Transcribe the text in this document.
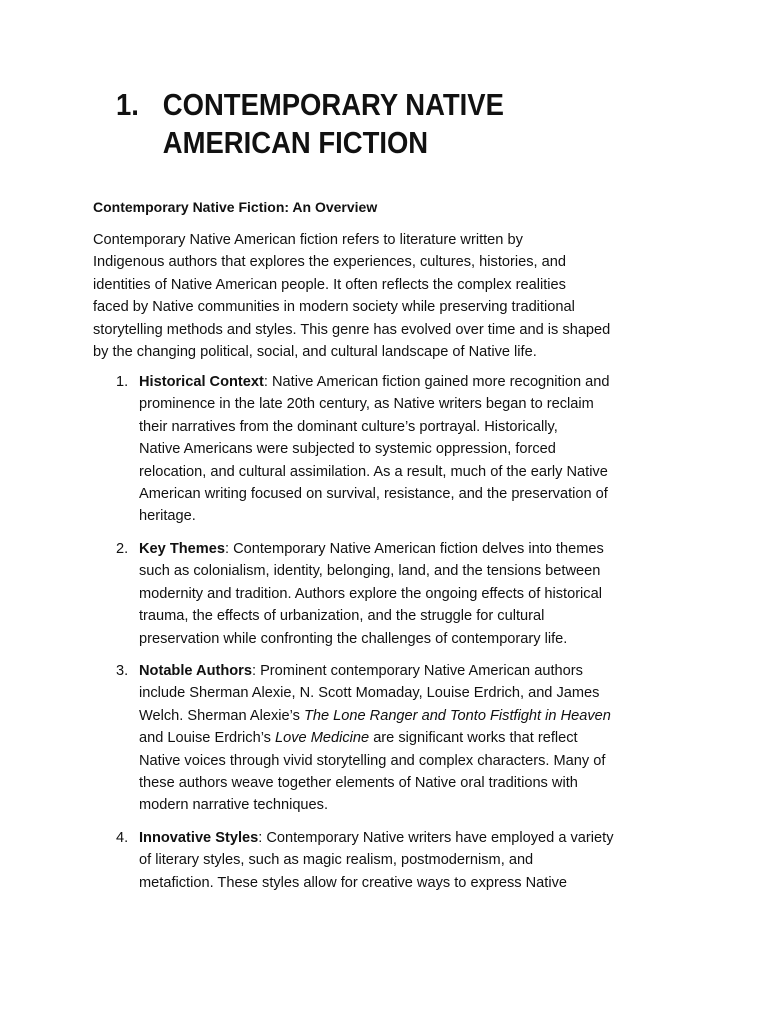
1. CONTEMPORARY NATIVE
AMERICAN FICTION
Contemporary Native Fiction: An Overview
Contemporary Native American fiction refers to literature written by
Indigenous authors that explores the experiences, cultures, histories, and
identities of Native American people. It often reflects the complex realities
faced by Native communities in modern society while preserving traditional
storytelling methods and styles. This genre has evolved over time and is shaped
by the changing political, social, and cultural landscape of Native life.
1. Historical Context: Native American fiction gained more recognition and
prominence in the late 20th century, as Native writers began to reclaim
their narratives from the dominant culture’s portrayal. Historically,
Native Americans were subjected to systemic oppression, forced
relocation, and cultural assimilation. As a result, much of the early Native
American writing focused on survival, resistance, and the preservation of
heritage.
2. Key Themes: Contemporary Native American fiction delves into themes
such as colonialism, identity, belonging, land, and the tensions between
modernity and tradition. Authors explore the ongoing effects of historical
trauma, the effects of urbanization, and the struggle for cultural
preservation while confronting the challenges of contemporary life.
3. Notable Authors: Prominent contemporary Native American authors
include Sherman Alexie, N. Scott Momaday, Louise Erdrich, and James
Welch. Sherman Alexie’s The Lone Ranger and Tonto Fistfight in Heaven
and Louise Erdrich’s Love Medicine are significant works that reflect
Native voices through vivid storytelling and complex characters. Many of
these authors weave together elements of Native oral traditions with
modern narrative techniques.
4. Innovative Styles: Contemporary Native writers have employed a variety
of literary styles, such as magic realism, postmodernism, and
metafiction. These styles allow for creative ways to express Native
